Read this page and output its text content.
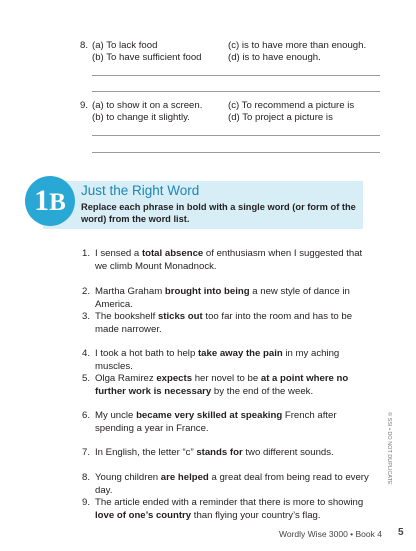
8. (a) To lack food
(b) To have sufficient food
(c) is to have more than enough.
(d) is to have enough.
9. (a) to show it on a screen.
(b) to change it slightly.
(c) To recommend a picture is
(d) To project a picture is
1B	Just the Right Word
Replace each phrase in bold with a single word (or form of the word) from the word list.
1. I sensed a total absence of enthusiasm when I suggested that we climb Mount Monadnock.
2. Martha Graham brought into being a new style of dance in America.
3. The bookshelf sticks out too far into the room and has to be made narrower.
4. I took a hot bath to help take away the pain in my aching muscles.
5. Olga Ramirez expects her novel to be at a point where no further work is necessary by the end of the week.
6. My uncle became very skilled at speaking French after spending a year in France.
7. In English, the letter “c” stands for two different sounds.
8. Young children are helped a great deal from being read to every day.
9. The article ended with a reminder that there is more to showing love of one’s country than flying your country’s flag.
© SSI • DO NOT DUPLICATE
Wordly Wise 3000 • Book 4 5
